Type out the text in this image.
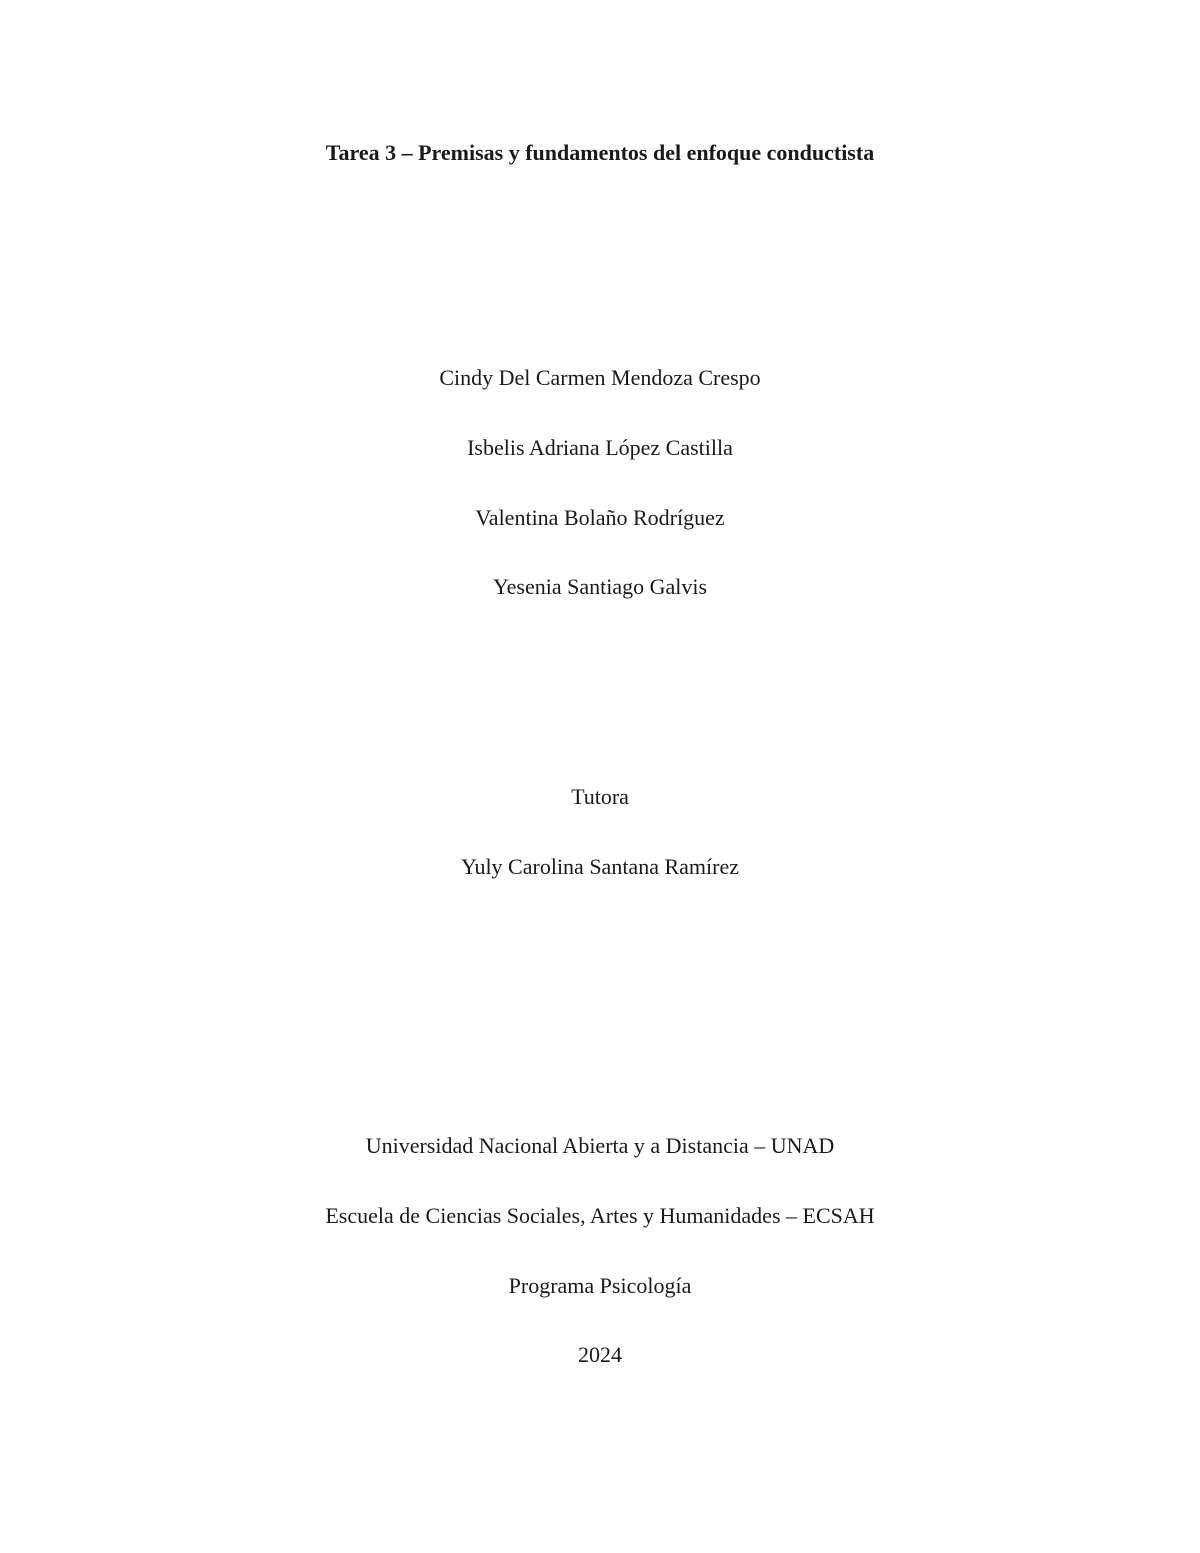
Tarea 3 – Premisas y fundamentos del enfoque conductista
Cindy Del Carmen Mendoza Crespo
Isbelis Adriana López Castilla
Valentina Bolaño Rodríguez
Yesenia Santiago Galvis
Tutora
Yuly Carolina Santana Ramírez
Universidad Nacional Abierta y a Distancia – UNAD
Escuela de Ciencias Sociales, Artes y Humanidades – ECSAH
Programa Psicología
2024
